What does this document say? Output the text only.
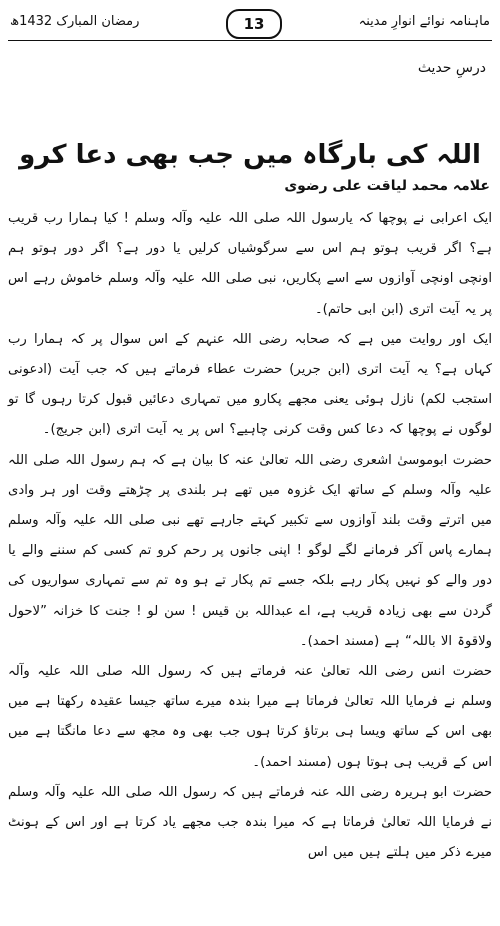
ماہنامہ نوائے انوارِ مدینہ
13
رمضان المبارک 1432ھ
درسِ حدیث
اللہ کی بارگاہ میں جب بھی دعا کرو
علامہ محمد لیاقت علی رضوی

ایک اعرابی نے پوچھا کہ یارسول اللہ صلی اللہ علیہ وآلہ وسلم ! کیا ہمارا رب قریب ہے؟ اگر قریب ہوتو ہم اس سے سرگوشیاں کرلیں یا دور ہے؟ اگر دور ہوتو ہم اونچی اونچی آوازوں سے اسے پکاریں، نبی صلی اللہ علیہ وآلہ وسلم خاموش رہے اس پر یہ آیت اتری (ابن ابی حاتم)۔

ایک اور روایت میں ہے کہ صحابہ رضی اللہ عنہم کے اس سوال پر کہ ہمارا رب کہاں ہے؟ یہ آیت اتری (ابن جریر) حضرت عطاء فرماتے ہیں کہ جب آیت (ادعونی استجب لکم) نازل ہوئی یعنی مجھے پکارو میں تمہاری دعائیں قبول کرتا رہوں گا تو لوگوں نے پوچھا کہ دعا کس وقت کرنی چاہیے؟ اس پر یہ آیت اتری (ابن جریج)۔

حضرت ابوموسیٰ اشعری رضی اللہ تعالیٰ عنہ کا بیان ہے کہ ہم رسول اللہ صلی اللہ علیہ وآلہ وسلم کے ساتھ ایک غزوہ میں تھے ہر بلندی پر چڑھتے وقت اور ہر وادی میں اترتے وقت بلند آوازوں سے تکبیر کہتے جارہے تھے نبی صلی اللہ علیہ وآلہ وسلم ہمارے پاس آکر فرمانے لگے لوگو ! اپنی جانوں پر رحم کرو تم کسی کم سننے والے یا دور والے کو نہیں پکار رہے بلکہ جسے تم پکار تے ہو وہ تم سے تمہاری سواریوں کی گردن سے بھی زیادہ قریب ہے، اے عبداللہ بن قیس ! سن لو ! جنت کا خزانہ ”لاحول ولاقوۃ الا باللہ“ ہے (مسند احمد)۔

حضرت انس رضی اللہ تعالیٰ عنہ فرماتے ہیں کہ رسول اللہ صلی اللہ علیہ وآلہ وسلم نے فرمایا اللہ تعالیٰ فرماتا ہے میرا بندہ میرے ساتھ جیسا عقیدہ رکھتا ہے میں بھی اس کے ساتھ ویسا ہی برتاؤ کرتا ہوں جب بھی وہ مجھ سے دعا مانگتا ہے میں اس کے قریب ہی ہوتا ہوں (مسند احمد)۔

حضرت ابو ہریرہ رضی اللہ عنہ فرماتے ہیں کہ رسول اللہ صلی اللہ علیہ وآلہ وسلم نے فرمایا اللہ تعالیٰ فرماتا ہے کہ میرا بندہ جب مجھے یاد کرتا ہے اور اس کے ہونٹ میرے ذکر میں ہلتے ہیں میں اس
